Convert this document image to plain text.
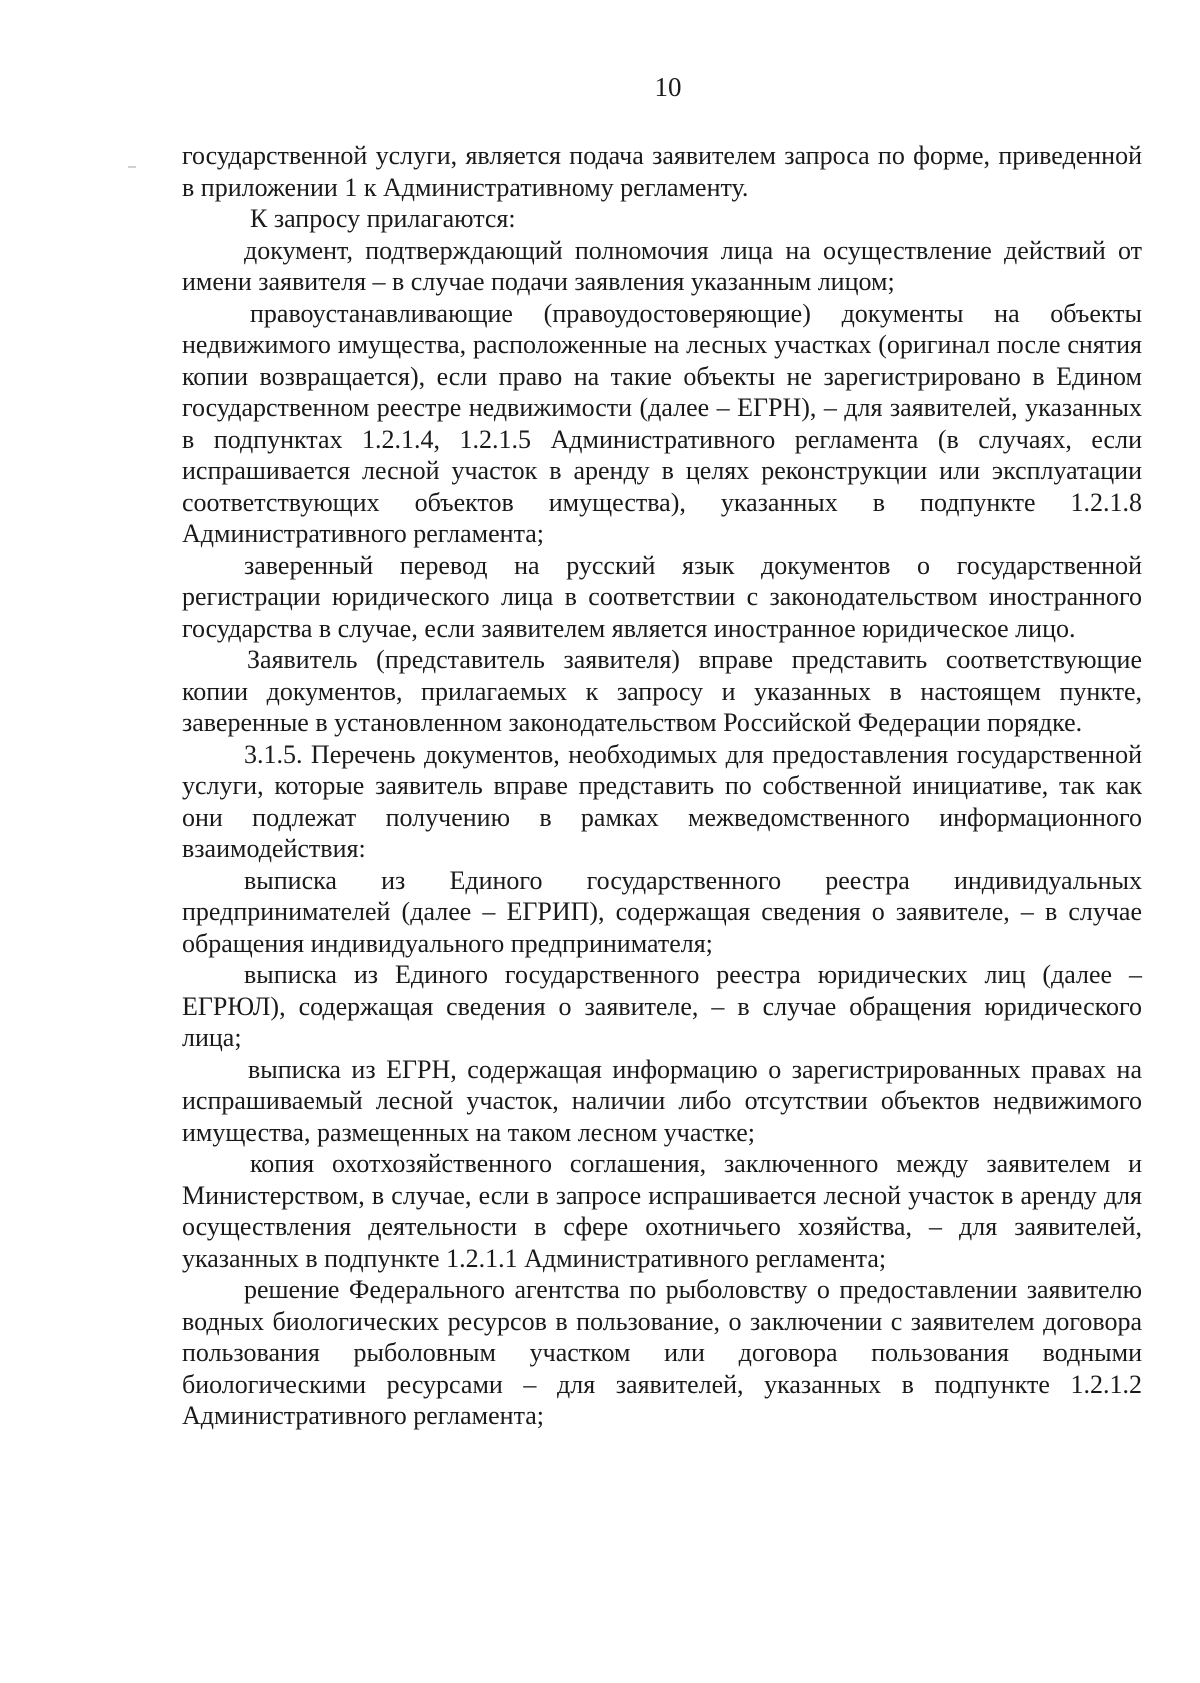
10

государственной услуги, является подача заявителем запроса по форме, приведенной в приложении 1 к Административному регламенту.

К запросу прилагаются:

документ, подтверждающий полномочия лица на осуществление действий от имени заявителя – в случае подачи заявления указанным лицом;

правоустанавливающие (правоудостоверяющие) документы на объекты недвижимого имущества, расположенные на лесных участках (оригинал после снятия копии возвращается), если право на такие объекты не зарегистрировано в Едином государственном реестре недвижимости (далее – ЕГРН), – для заявителей, указанных в подпунктах 1.2.1.4, 1.2.1.5 Административного регламента (в случаях, если испрашивается лесной участок в аренду в целях реконструкции или эксплуатации соответствующих объектов имущества), указанных в подпункте 1.2.1.8 Административного регламента;

заверенный перевод на русский язык документов о государственной регистрации юридического лица в соответствии с законодательством иностранного государства в случае, если заявителем является иностранное юридическое лицо.

Заявитель (представитель заявителя) вправе представить соответствующие копии документов, прилагаемых к запросу и указанных в настоящем пункте, заверенные в установленном законодательством Российской Федерации порядке.

3.1.5. Перечень документов, необходимых для предоставления государственной услуги, которые заявитель вправе представить по собственной инициативе, так как они подлежат получению в рамках межведомственного информационного взаимодействия:

выписка из Единого государственного реестра индивидуальных предпринимателей (далее – ЕГРИП), содержащая сведения о заявителе, – в случае обращения индивидуального предпринимателя;

выписка из Единого государственного реестра юридических лиц (далее – ЕГРЮЛ), содержащая сведения о заявителе, – в случае обращения юридического лица;

выписка из ЕГРН, содержащая информацию о зарегистрированных правах на испрашиваемый лесной участок, наличии либо отсутствии объектов недвижимого имущества, размещенных на таком лесном участке;

копия охотхозяйственного соглашения, заключенного между заявителем и Министерством, в случае, если в запросе испрашивается лесной участок в аренду для осуществления деятельности в сфере охотничьего хозяйства, – для заявителей, указанных в подпункте 1.2.1.1 Административного регламента;

решение Федерального агентства по рыболовству о предоставлении заявителю водных биологических ресурсов в пользование, о заключении с заявителем договора пользования рыболовным участком или договора пользования водными биологическими ресурсами – для заявителей, указанных в подпункте 1.2.1.2 Административного регламента;
